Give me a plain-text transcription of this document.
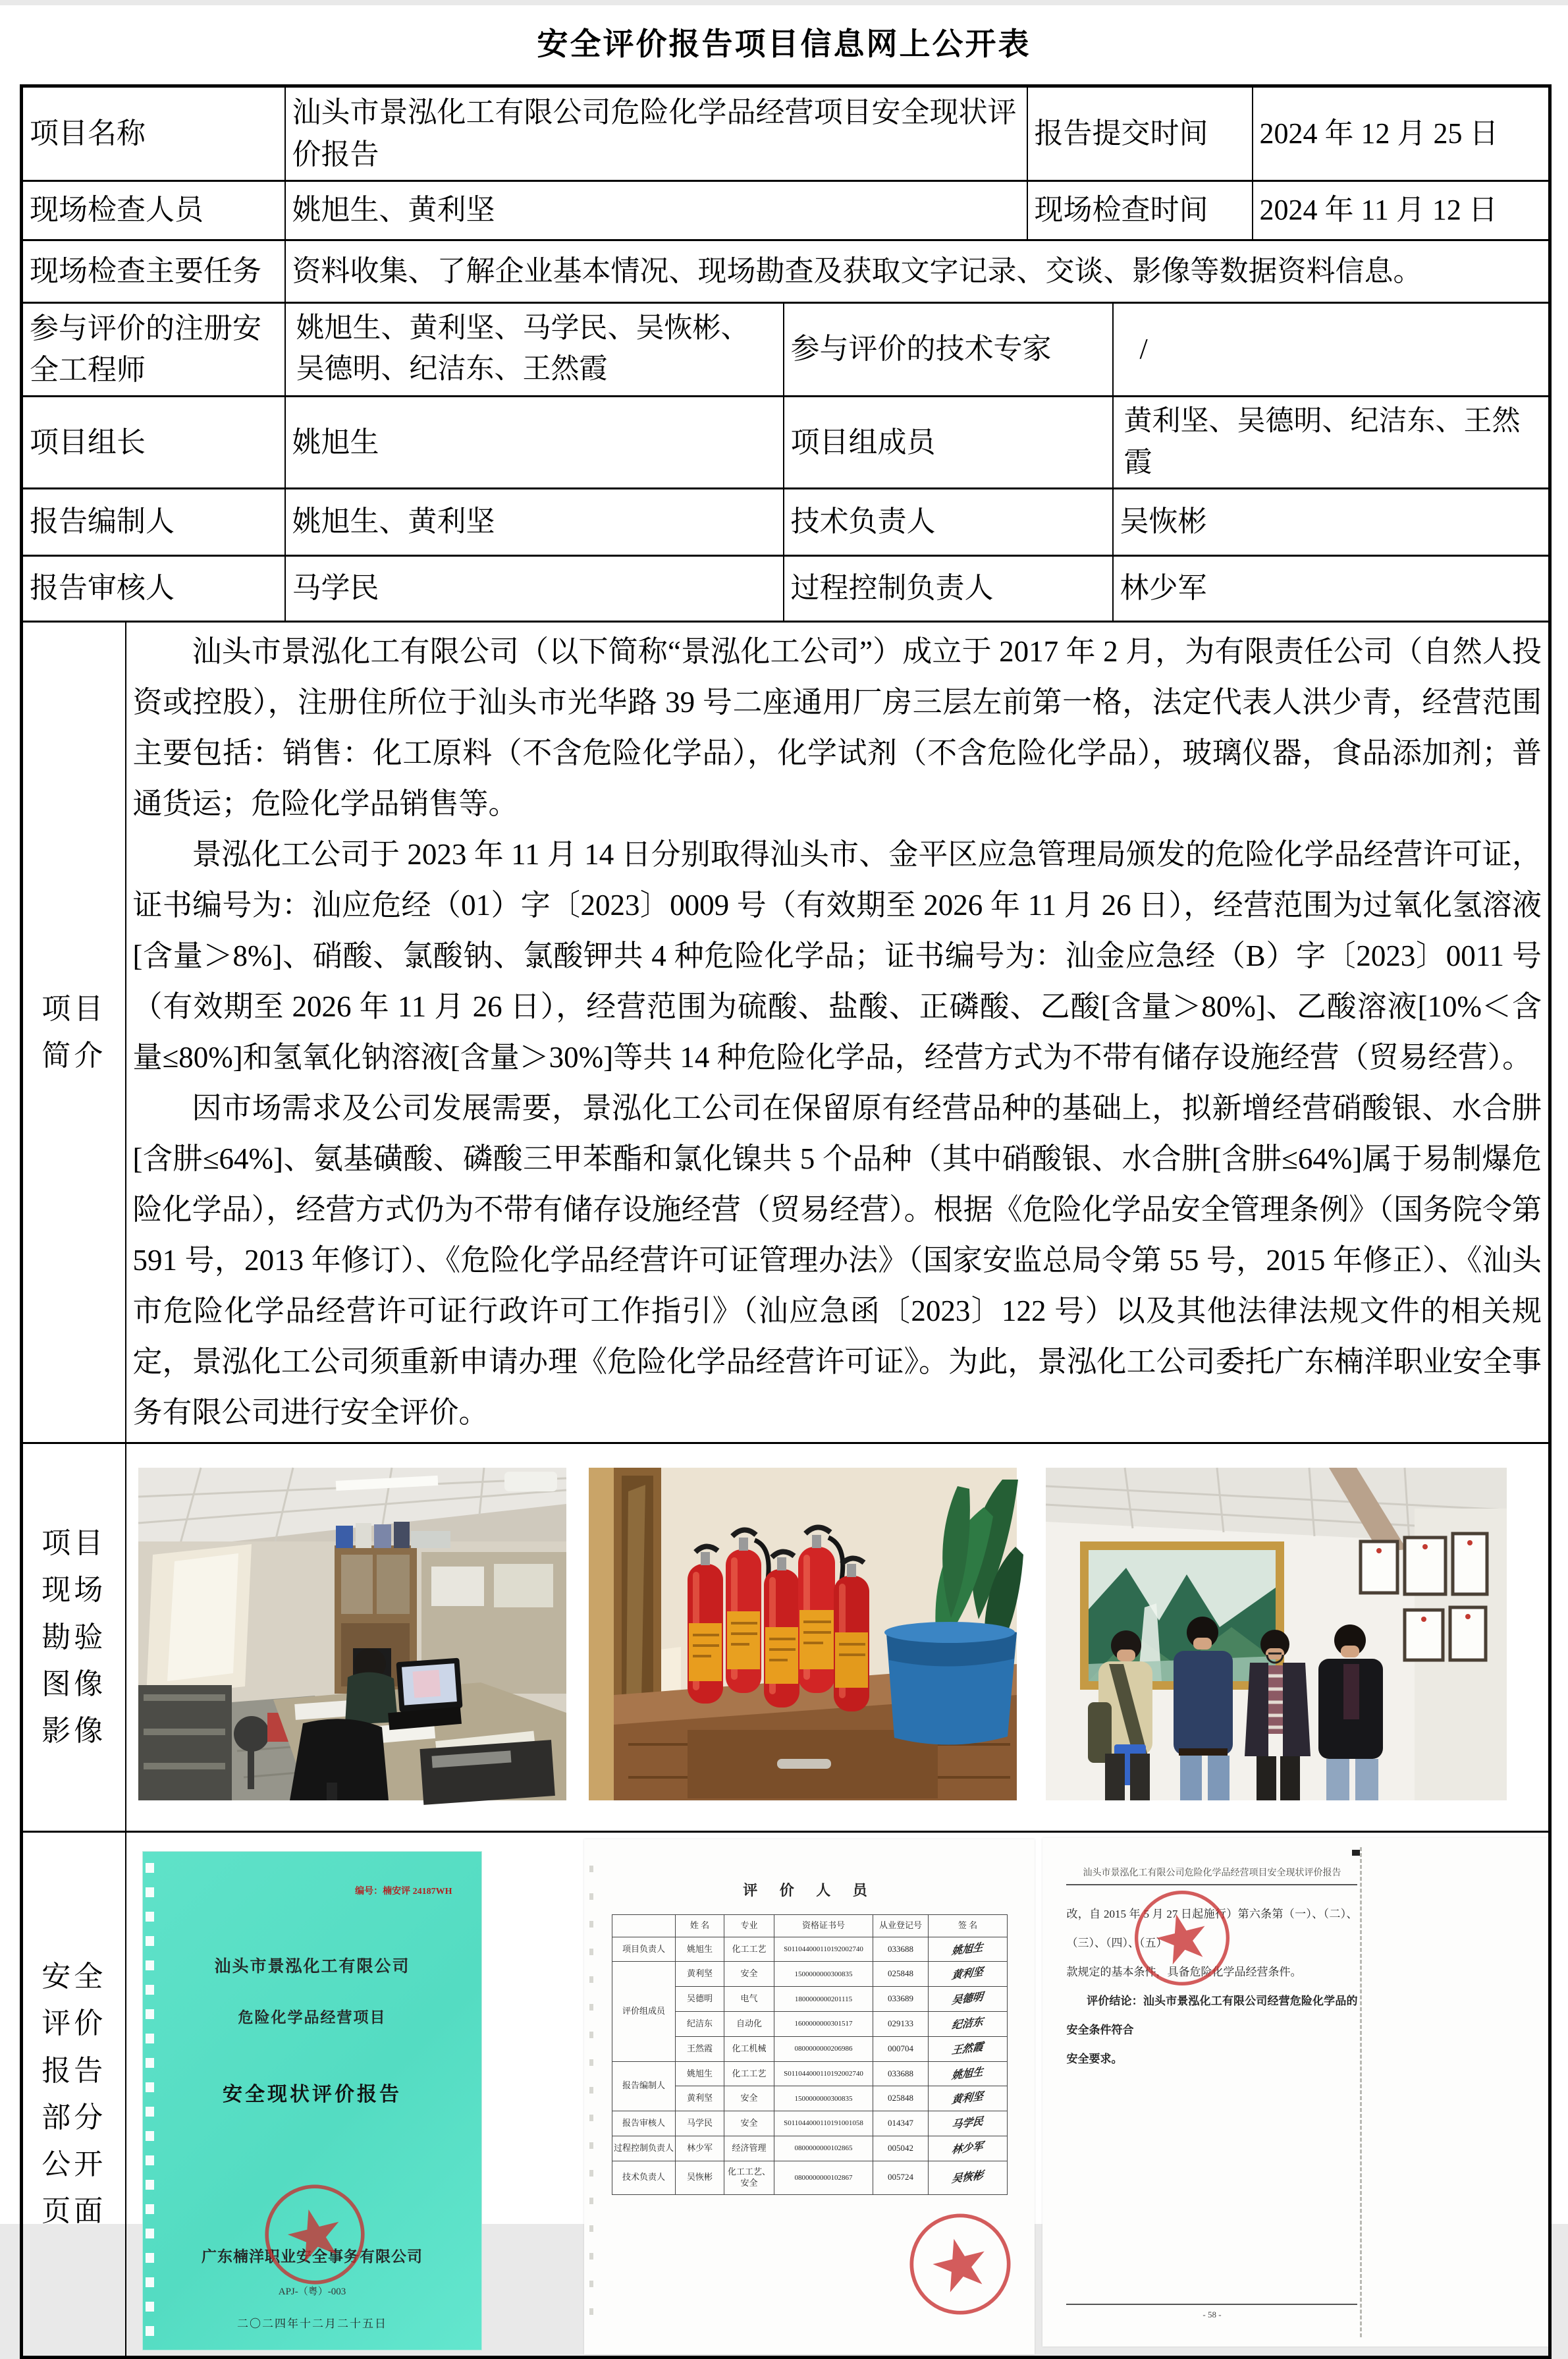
安全评价报告项目信息网上公开表
项目名称	汕头市景泓化工有限公司危险化学品经营项目安全现状评价报告	报告提交时间	2024 年 12 月 25 日
现场检查人员	姚旭生、黄利坚	现场检查时间	2024 年 11 月 12 日
现场检查主要任务	资料收集、了解企业基本情况、现场勘查及获取文字记录、交谈、影像等数据资料信息。
参与评价的注册安全工程师	姚旭生、黄利坚、马学民、吴恢彬、吴德明、纪洁东、王然霞	参与评价的技术专家	/
项目组长	姚旭生	项目组成员	黄利坚、吴德明、纪洁东、王然霞
报告编制人	姚旭生、黄利坚	技术负责人	吴恢彬
报告审核人	马学民	过程控制负责人	林少军

项目简介

汕头市景泓化工有限公司（以下简称“景泓化工公司”）成立于 2017 年 2 月，为有限责任公司（自然人投资或控股），注册住所位于汕头市光华路 39 号二座通用厂房三层左前第一格，法定代表人洪少青，经营范围主要包括：销售：化工原料（不含危险化学品），化学试剂（不含危险化学品），玻璃仪器，食品添加剂；普通货运；危险化学品销售等。

景泓化工公司于 2023 年 11 月 14 日分别取得汕头市、金平区应急管理局颁发的危险化学品经营许可证，证书编号为：汕应危经（01）字〔2023〕0009 号（有效期至 2026 年 11 月 26 日），经营范围为过氧化氢溶液[含量＞8%]、硝酸、氯酸钠、氯酸钾共 4 种危险化学品；证书编号为：汕金应急经（B）字〔2023〕0011 号（有效期至 2026 年 11 月 26 日），经营范围为硫酸、盐酸、正磷酸、乙酸[含量＞80%]、乙酸溶液[10%＜含量≤80%]和氢氧化钠溶液[含量＞30%]等共 14 种危险化学品，经营方式为不带有储存设施经营（贸易经营）。

因市场需求及公司发展需要，景泓化工公司在保留原有经营品种的基础上，拟新增经营硝酸银、水合肼[含肼≤64%]、氨基磺酸、磷酸三甲苯酯和氯化镍共 5 个品种（其中硝酸银、水合肼[含肼≤64%]属于易制爆危险化学品），经营方式仍为不带有储存设施经营（贸易经营）。根据《危险化学品安全管理条例》（国务院令第 591 号，2013 年修订）、《危险化学品经营许可证管理办法》（国家安监总局令第 55 号，2015 年修正）、《汕头市危险化学品经营许可证行政许可工作指引》（汕应急函〔2023〕122 号）以及其他法律法规文件的相关规定，景泓化工公司须重新申请办理《危险化学品经营许可证》。为此，景泓化工公司委托广东楠洋职业安全事务有限公司进行安全评价。

项目现场勘验图像影像

安全评价报告部分公开页面

编号：楠安评 24187WH
汕头市景泓化工有限公司
危险化学品经营项目
安全现状评价报告
广东楠洋职业安全事务有限公司
APJ-（粤）-003
二〇二四年十二月二十五日
评 价 人 员
	姓 名	专业	资格证书号	从业登记号	签 名
项目负责人	姚旭生	化工工艺	S011044000110192002740	033688	姚旭生
评价组成员	黄利坚	安全	1500000000300835	025848	黄利坚
吴德明	电气	1800000000201115	033689	吴德明
纪洁东	自动化	1600000000301517	029133	纪洁东
王然霞	化工机械	0800000000206986	000704	王然霞
报告编制人	姚旭生	化工工艺	S011044000110192002740	033688	姚旭生
黄利坚	安全	1500000000300835	025848	黄利坚
报告审核人	马学民	安全	S011044000110191001058	014347	马学民
过程控制负责人	林少军	经济管理	0800000000102865	005042	林少军
技术负责人	吴恢彬	化工工艺、安全	0800000000102867	005724	吴恢彬
汕头市景泓化工有限公司危险化学品经营项目安全现状评价报告

改，自 2015 年 5 月 27 日起施行）第六条第（一）、（二）、（三）、（四）、（五）

款规定的基本条件，具备危险化学品经营条件。

评价结论：汕头市景泓化工有限公司经营危险化学品的安全条件符合

安全要求。

- 58 -
